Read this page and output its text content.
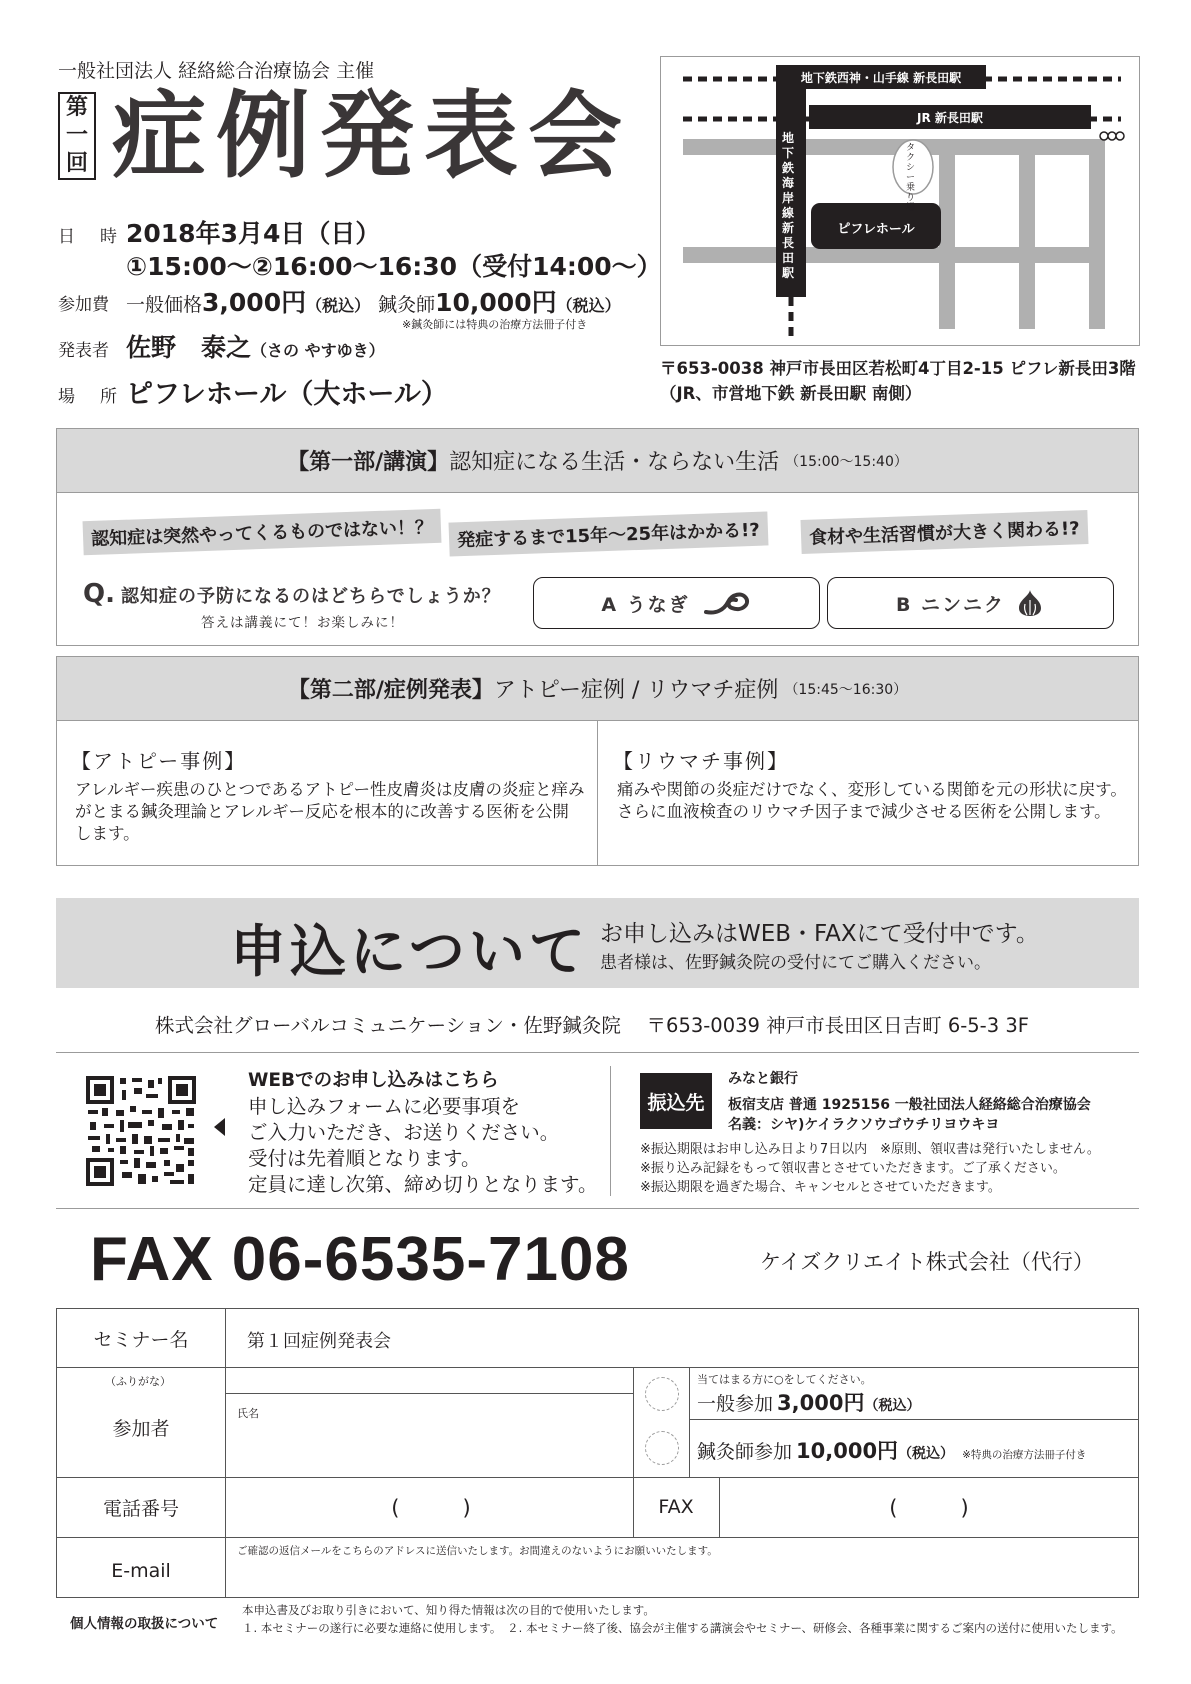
一般社団法人 経絡総合治療協会 主催
第
一
回 症例発表会
日　時 2018年3月4日（日）
①15:00〜②16:00〜16:30（受付14:00〜）
参加費 一般価格 3,000円 （税込） 鍼灸師 10,000円 （税込）
※鍼灸師には特典の治療方法冊子付き
発表者 佐野　泰之 （さの やすゆき）
場　所 ピフレホール（大ホール）
地下鉄西神・山手線 新長田駅
JR 新長田駅
地下鉄海岸線 新長田駅
タクシー乗り場
ピフレホール
〒653-0038 神戸市長田区若松町4丁目2-15 ピフレ新長田3階
（JR、市営地下鉄 新長田駅 南側）
【第一部/講演】 認知症になる生活・ならない生活 （15:00〜15:40）
認知症は突然やってくるものではない！？	発症するまで15年〜25年はかかる!?	食材や生活習慣が大きく関わる!?
Q. 認知症の予防になるのはどちらでしょうか？
答えは講義にて！お楽しみに！
A うなぎ	B ニンニク
【第二部/症例発表】 アトピー症例 / リウマチ症例 （15:45〜16:30）
【アトピー事例】
アレルギー疾患のひとつであるアトピー性皮膚炎は皮膚の炎症と痒みがとまる鍼灸理論とアレルギー反応を根本的に改善する医術を公開します。
【リウマチ事例】
痛みや関節の炎症だけでなく、変形している関節を元の形状に戻す。さらに血液検査のリウマチ因子まで減少させる医術を公開します。
申込について お申し込みはWEB・FAXにて受付中です。
患者様は、佐野鍼灸院の受付にてご購入ください。
株式会社グローバルコミュニケーション・佐野鍼灸院　 〒653-0039 神戸市長田区日吉町 6-5-3 3F
WEBでのお申し込みはこちら
申し込みフォームに必要事項を
ご入力いただき、お送りください。
受付は先着順となります。
定員に達し次第、締め切りとなります。
振込先
みなと銀行
板宿支店 普通 1925156 一般社団法人経絡総合治療協会
名義：シヤ)ケイラクソウゴウチリヨウキヨ
※振込期限はお申し込み日より7日以内　※原則、領収書は発行いたしません。
※振り込み記録をもって領収書とさせていただきます。ご了承ください。
※振込期限を過ぎた場合、キャンセルとさせていただきます。
FAX 06-6535-7108	ケイズクリエイト株式会社（代行）
セミナー名	第１回症例発表会
（ふりがな）
参加者
氏名
当てはまる方に○をしてください。
一般参加 3,000円 （税込）
鍼灸師参加 10,000円 （税込） ※特典の治療方法冊子付き
電話番号	(　　　)	FAX	(　　　)
E-mail
ご確認の返信メールをこちらのアドレスに送信いたします。お間違えのないようにお願いいたします。
個人情報の取扱について
本申込書及びお取り引きにおいて、知り得た情報は次の目的で使用いたします。
１. 本セミナーの遂行に必要な連絡に使用します。　２. 本セミナー終了後、協会が主催する講演会やセミナー、研修会、各種事業に関するご案内の送付に使用いたします。
